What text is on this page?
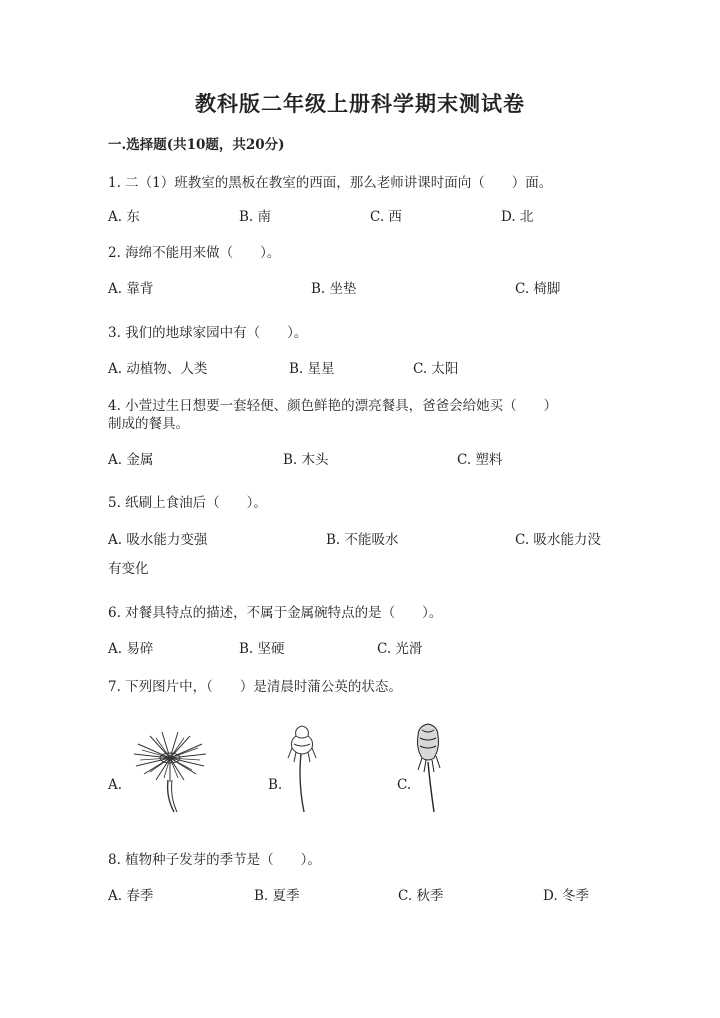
教科版二年级上册科学期末测试卷
一.选择题(共10题，共20分)
1. 二（1）班教室的黑板在教室的西面，那么老师讲课时面向（　　）面。
A. 东	B. 南	C. 西	D. 北
2. 海绵不能用来做（　　）。
A. 靠背	B. 坐垫	C. 椅脚
3. 我们的地球家园中有（　　）。
A. 动植物、人类	B. 星星	C. 太阳
4. 小萱过生日想要一套轻便、颜色鲜艳的漂亮餐具，爸爸会给她买（　　）
制成的餐具。
A. 金属	B. 木头	C. 塑料
5. 纸刷上食油后（　　）。
A. 吸水能力变强	B. 不能吸水	C. 吸水能力没
有变化
6. 对餐具特点的描述，不属于金属碗特点的是（　　）。
A. 易碎	B. 坚硬	C. 光滑
7. 下列图片中，（　　）是清晨时蒲公英的状态。
A.	B.	C.
8. 植物种子发芽的季节是（　　）。
A. 春季	B. 夏季	C. 秋季	D. 冬季
